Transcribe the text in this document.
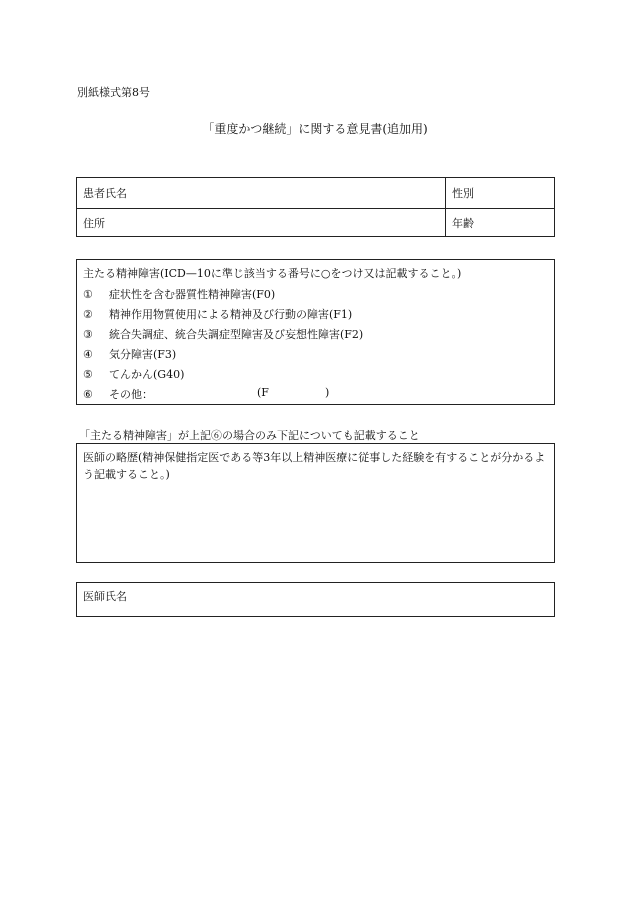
別紙様式第8号
「重度かつ継続」に関する意見書(追加用)
患者氏名	性別
住所	年齢
主たる精神障害(ICD—10に準じ該当する番号に○をつけ又は記載すること。)
① 症状性を含む器質性精神障害(F0)
② 精神作用物質使用による精神及び行動の障害(F1)
③ 統合失調症、統合失調症型障害及び妄想性障害(F2)
④ 気分障害(F3)
⑤ てんかん(G40)
⑥ その他：	(F	)
「主たる精神障害」が上記⑥の場合のみ下記についても記載すること
医師の略歴(精神保健指定医である等3年以上精神医療に従事した経験を有することが分かるよう記載すること。)
医師氏名
